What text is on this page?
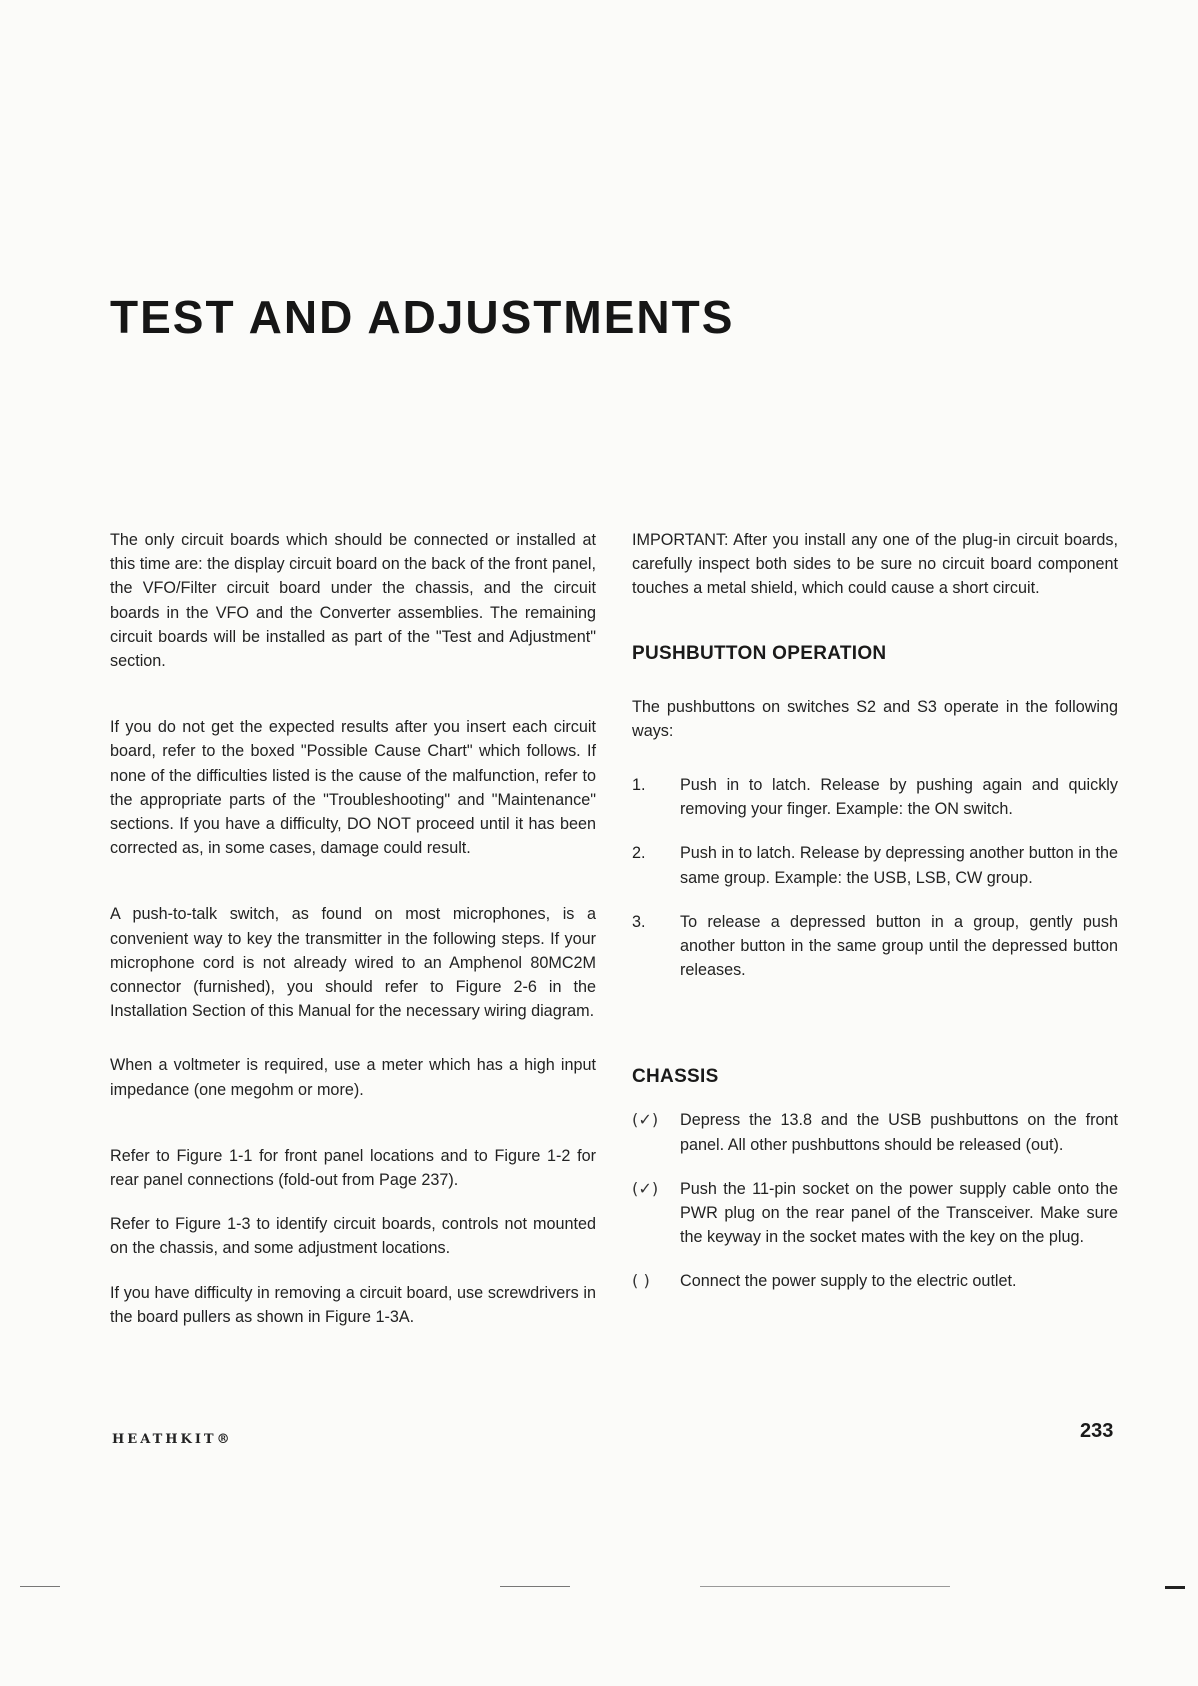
TEST AND ADJUSTMENTS

The only circuit boards which should be connected or installed at this time are: the display circuit board on the back of the front panel, the VFO/Filter circuit board under the chassis, and the circuit boards in the VFO and the Converter assemblies. The remaining circuit boards will be installed as part of the "Test and Adjustment" section.

If you do not get the expected results after you insert each circuit board, refer to the boxed "Possible Cause Chart" which follows. If none of the difficulties listed is the cause of the malfunction, refer to the appropriate parts of the "Troubleshooting" and "Maintenance" sections. If you have a difficulty, DO NOT proceed until it has been corrected as, in some cases, damage could result.

A push-to-talk switch, as found on most microphones, is a convenient way to key the transmitter in the following steps. If your microphone cord is not already wired to an Amphenol 80MC2M connector (furnished), you should refer to Figure 2-6 in the Installation Section of this Manual for the necessary wiring diagram.

When a voltmeter is required, use a meter which has a high input impedance (one megohm or more).

Refer to Figure 1-1 for front panel locations and to Figure 1-2 for rear panel connections (fold-out from Page 237).

Refer to Figure 1-3 to identify circuit boards, controls not mounted on the chassis, and some adjustment locations.

If you have difficulty in removing a circuit board, use screwdrivers in the board pullers as shown in Figure 1-3A.

IMPORTANT: After you install any one of the plug-in circuit boards, carefully inspect both sides to be sure no circuit board component touches a metal shield, which could cause a short circuit.

PUSHBUTTON OPERATION

The pushbuttons on switches S2 and S3 operate in the following ways:

1.	Push in to latch. Release by pushing again and quickly removing your finger. Example: the ON switch.

2.	Push in to latch. Release by depressing another button in the same group. Example: the USB, LSB, CW group.

3.	To release a depressed button in a group, gently push another button in the same group until the depressed button releases.

CHASSIS
(✓)	Depress the 13.8 and the USB pushbuttons on the front panel. All other pushbuttons should be released (out).

(✓)	Push the 11-pin socket on the power supply cable onto the PWR plug on the rear panel of the Transceiver. Make sure the keyway in the socket mates with the key on the plug.

( )	Connect the power supply to the electric outlet.

HEATHKIT®	233
